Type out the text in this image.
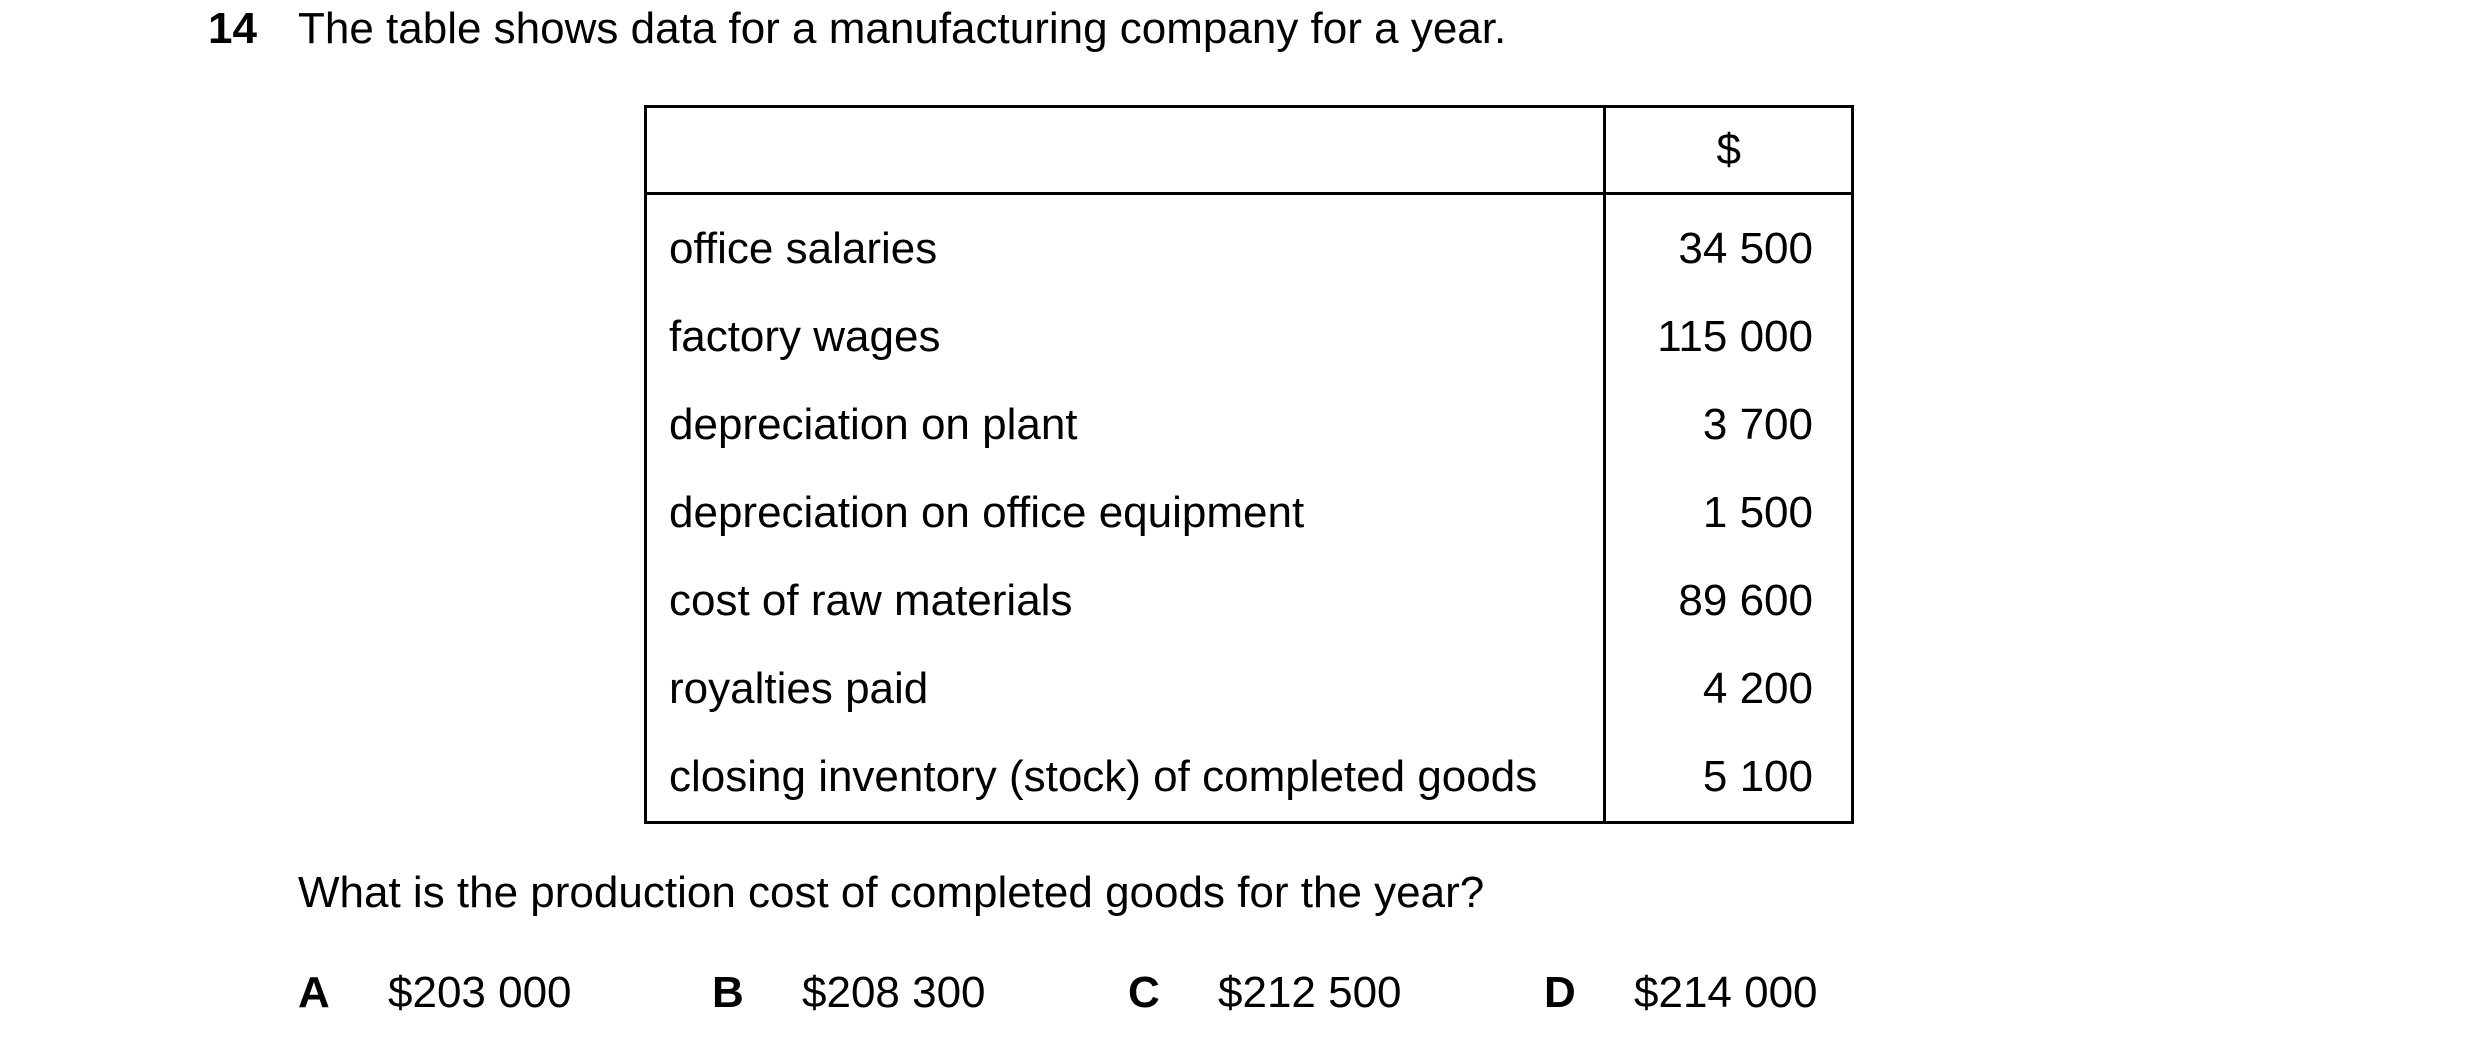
14 The table shows data for a manufacturing company for a year.
	$
office salaries	34 500
factory wages	115 000
depreciation on plant	3 700
depreciation on office equipment	1 500
cost of raw materials	89 600
royalties paid	4 200
closing inventory (stock) of completed goods	5 100
What is the production cost of completed goods for the year?
A $203 000	B $208 300	C $212 500	D $214 000
